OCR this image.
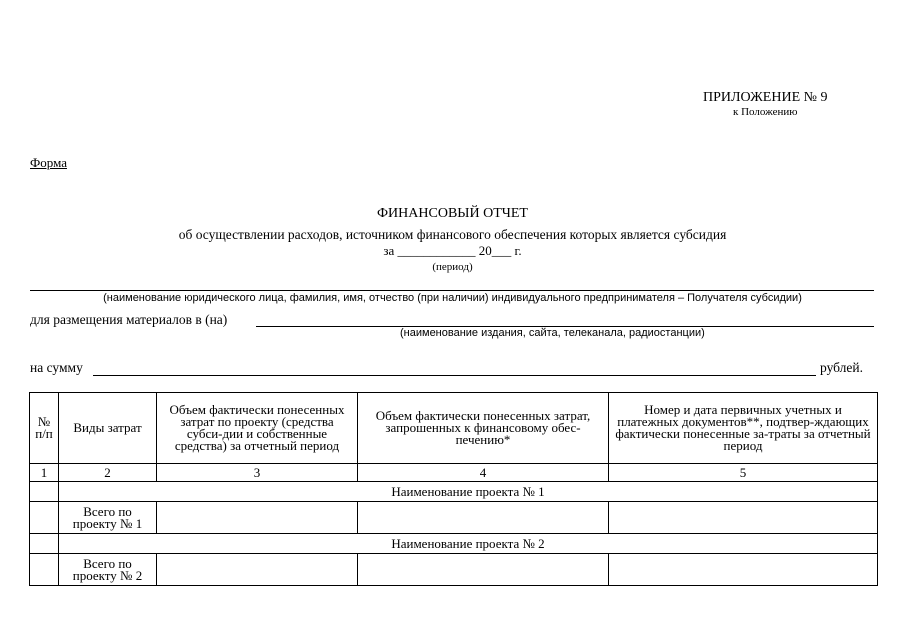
ПРИЛОЖЕНИЕ № 9
к Положению
Форма
ФИНАНСОВЫЙ ОТЧЕТ
об осуществлении расходов, источником финансового обеспечения которых является субсидия
за ____________ 20___ г.
(период)
(наименование юридического лица, фамилия, имя, отчество (при наличии) индивидуального предпринимателя – Получателя субсидии)
для размещения материалов в (на)
(наименование издания, сайта, телеканала, радиостанции)
на сумму	рублей.
№ п/п	Виды затрат	Объем фактически понесенных затрат по проекту (средства субси-дии и собственные средства) за отчетный период	Объем фактически понесенных затрат, запрошенных к финансовому обес-печению*	Номер и дата первичных учетных и платежных документов**, подтвер-ждающих фактически понесенные за-траты за отчетный период
1	2	3	4	5
	Наименование проекта № 1			
	Всего по проекту № 1			
	Наименование проекта № 2			
	Всего по проекту № 2			
